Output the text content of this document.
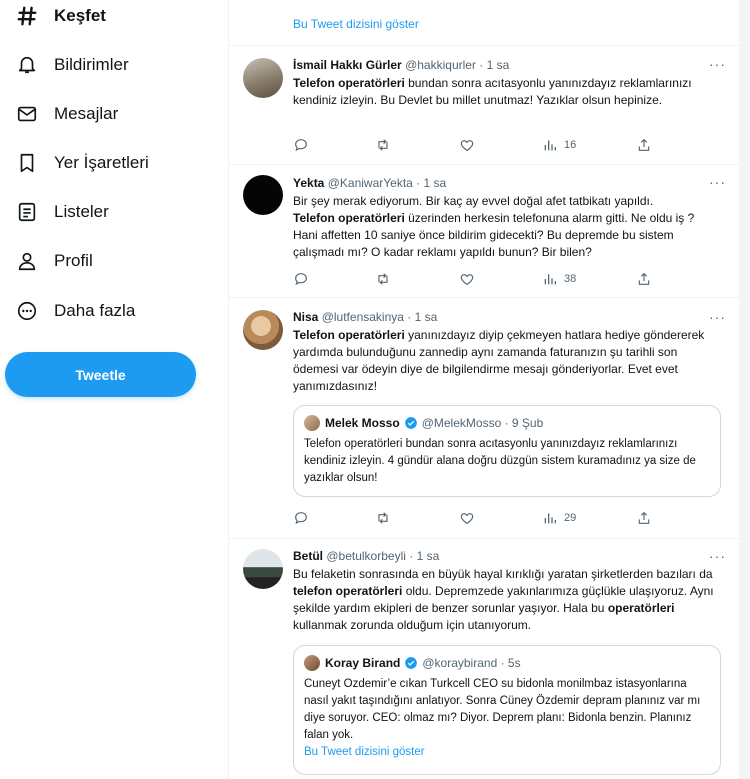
Keşfet
Bildirimler
Mesajlar
Yer İşaretleri
Listeler
Profil
Daha fazla
Tweetle
Bu Tweet dizisini göster
···
İsmail Hakkı Gürler @hakkiqurler · 1 sa
Telefon operatörleri bundan sonra acıtasyonlu yanınızdayız reklamlarınızı kendiniz izleyin. Bu Devlet bu millet unutmaz! Yazıklar olsun hepinize.
16
···
Yekta @KaniwarYekta · 1 sa
Bir şey merak ediyorum. Bir kaç ay evvel doğal afet tatbikatı yapıldı.
Telefon operatörleri üzerinden herkesin telefonuna alarm gitti. Ne oldu iş ? Hani affetten 10 saniye önce bildirim gidecekti? Bu depremde bu sistem çalışmadı mı? O kadar reklamı yapıldı bunun? Bir bilen?
38
···
Nisa @lutfensakinya · 1 sa
Telefon operatörleri yanınızdayız diyip çekmeyen hatlara hediye göndererek yardımda bulunduğunu zannedip aynı zamanda faturanızın şu tarihli son ödemesi var ödeyin diye de bilgilendirme mesajı gönderiyorlar. Evet evet yanımızdasınız!
Melek Mosso @MelekMosso
· 9 Şub
Telefon operatörleri bundan sonra acıtasyonlu yanınızdayız reklamlarınızı kendiniz izleyin. 4 gündür alana doğru düzgün sistem kuramadınız ya size de yazıklar olsun!
29
···
Betül @betulkorbeyli · 1 sa
Bu felaketin sonrasında en büyük hayal kırıklığı yaratan şirketlerden bazıları da telefon operatörleri oldu. Depremzede yakınlarımıza güçlükle ulaşıyoruz. Aynı şekilde yardım ekipleri de benzer sorunlar yaşıyor. Hala bu operatörleri kullanmak zorunda olduğum için utanıyorum.
Koray Birand @koraybirand
· 5s
Cuneyt Ozdemir’e cıkan Turkcell CEO su bidonla monilmbaz istasyonlarına nasıl yakıt taşındığını anlatıyor. Sonra Cüney Özdemir depram planınız var mı diye soruyor. CEO: olmaz mı? Diyor. Deprem planı: Bidonla benzin. Planınız falan yok.
Bu Tweet dizisini göster
